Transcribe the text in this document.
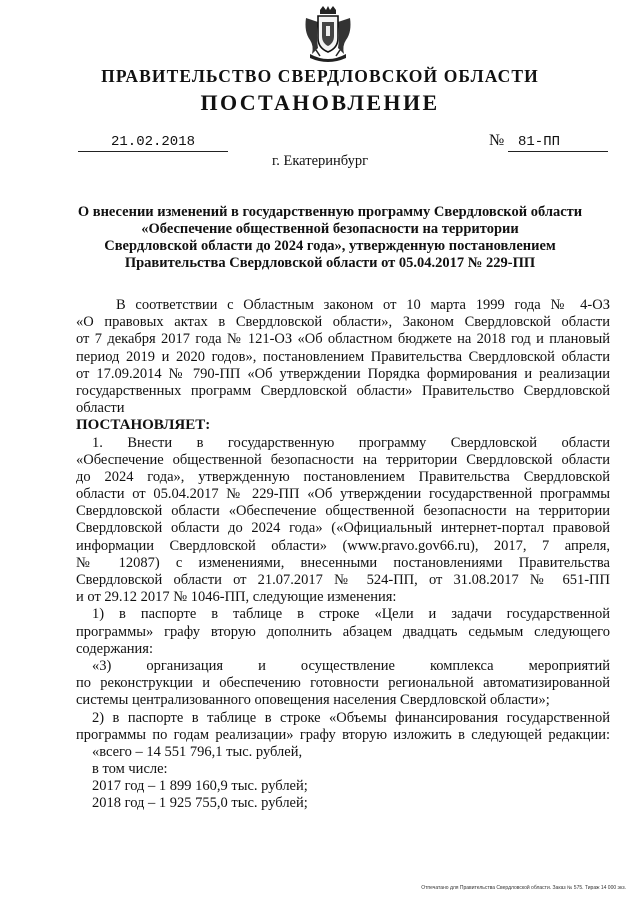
ПРАВИТЕЛЬСТВО СВЕРДЛОВСКОЙ ОБЛАСТИ
ПОСТАНОВЛЕНИЕ
21.02.2018	№ 81-ПП
г. Екатеринбург
О внесении изменений в государственную программу Свердловской области
«Обеспечение общественной безопасности на территории
Свердловской области до 2024 года», утвержденную постановлением
Правительства Свердловской области от 05.04.2017 № 229-ПП
В соответствии с Областным законом от 10 марта 1999 года № 4-ОЗ
«О правовых актах в Свердловской области», Законом Свердловской области
от 7 декабря 2017 года № 121-ОЗ «Об областном бюджете на 2018 год и плановый
период 2019 и 2020 годов», постановлением Правительства Свердловской области
от 17.09.2014 № 790-ПП «Об утверждении Порядка формирования и реализации
государственных программ Свердловской области» Правительство Свердловской
области
ПОСТАНОВЛЯЕТ:
1. Внести в государственную программу Свердловской области
«Обеспечение общественной безопасности на территории Свердловской области
до 2024 года», утвержденную постановлением Правительства Свердловской
области от 05.04.2017 № 229-ПП «Об утверждении государственной программы
Свердловской области «Обеспечение общественной безопасности на территории
Свердловской области до 2024 года» («Официальный интернет-портал правовой
информации Свердловской области» (www.pravo.gov66.ru), 2017, 7 апреля,
№ 12087) с изменениями, внесенными постановлениями Правительства
Свердловской области от 21.07.2017 № 524-ПП, от 31.08.2017 № 651-ПП
и от 29.12 2017 № 1046-ПП, следующие изменения:
1) в паспорте в таблице в строке «Цели и задачи государственной
программы» графу вторую дополнить абзацем двадцать седьмым следующего
содержания:
«3) организация и осуществление комплекса мероприятий
по реконструкции и обеспечению готовности региональной автоматизированной
системы централизованного оповещения населения Свердловской области»;
2) в паспорте в таблице в строке «Объемы финансирования государственной
программы по годам реализации» графу вторую изложить в следующей редакции:
«всего – 14 551 796,1 тыс. рублей,
в том числе:
2017 год – 1 899 160,9 тыс. рублей;
2018 год – 1 925 755,0 тыс. рублей;
Отпечатано для Правительства Свердловской области. Заказ № 575. Тираж 14 000 экз.
